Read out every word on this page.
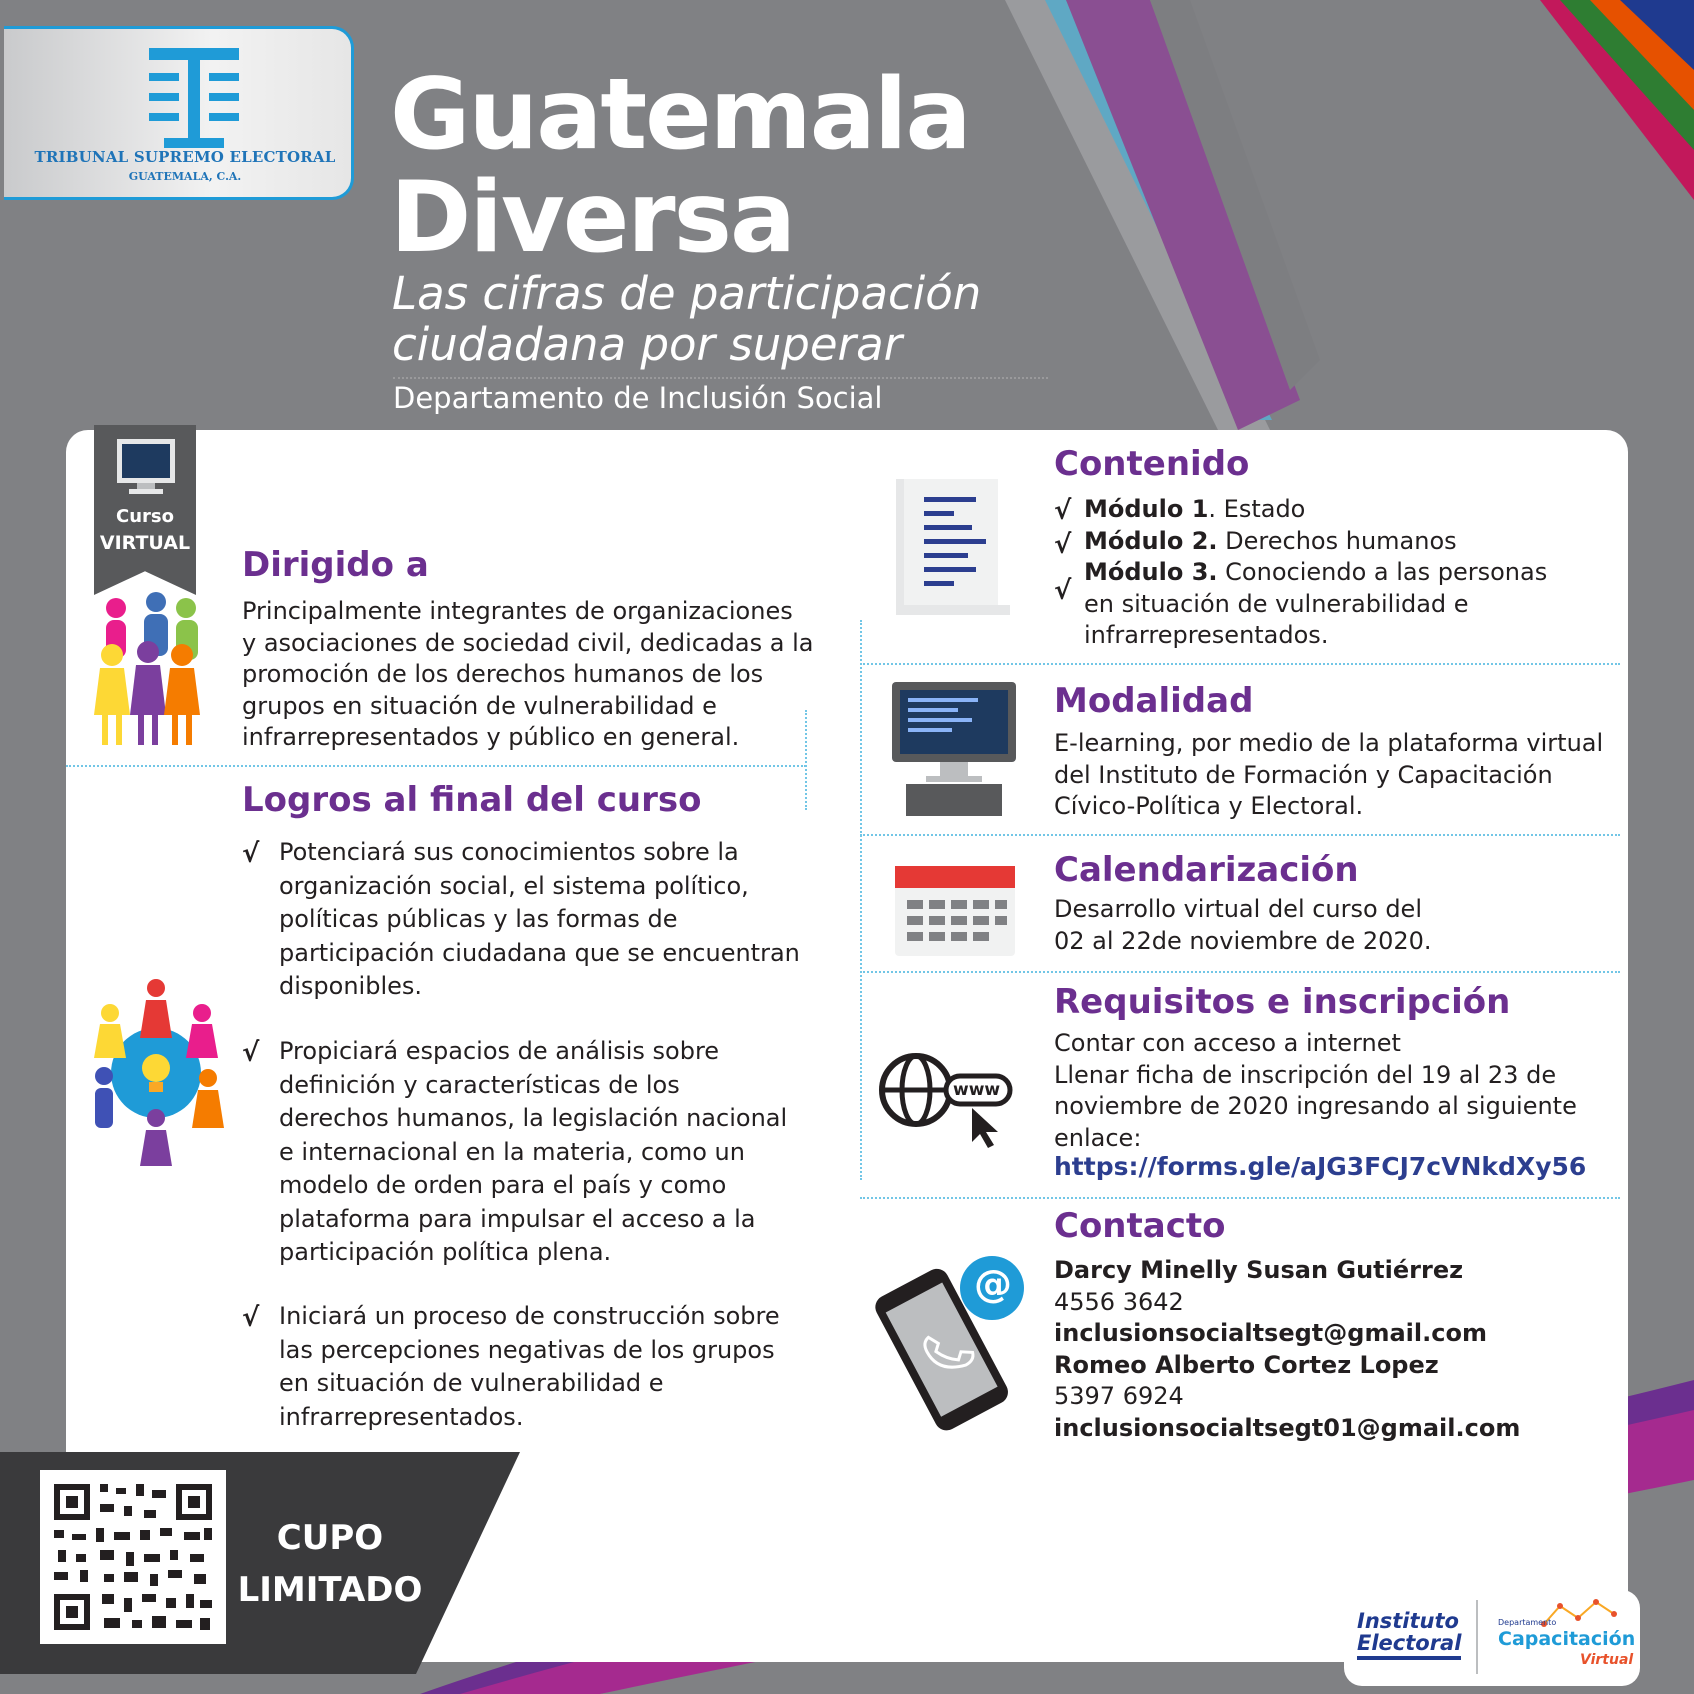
TRIBUNAL SUPREMO ELECTORAL
GUATEMALA, C.A.
Guatemala
Diversa
Las cifras de participación
ciudadana por superar
Departamento de Inclusión Social
Curso
VIRTUAL
Dirigido a
Principalmente integrantes de organizaciones
y asociaciones de sociedad civil, dedicadas a la
promoción de los derechos humanos de los
grupos en situación de vulnerabilidad e
infrarrepresentados y público en general.
Logros al final del curso
√ Potenciará sus conocimientos sobre la
organización social, el sistema político,
políticas públicas y las formas de
participación ciudadana que se encuentran
disponibles.
√ Propiciará espacios de análisis sobre
definición y características de los
derechos humanos, la legislación nacional
e internacional en la materia, como un
modelo de orden para el país y como
plataforma para impulsar el acceso a la
participación política plena.
√ Iniciará un proceso de construcción sobre
las percepciones negativas de los grupos
en situación de vulnerabilidad e
infrarrepresentados.
www
@
Contenido
√
√
√
Módulo 1. Estado
Módulo 2. Derechos humanos
Módulo 3. Conociendo a las personas
en situación de vulnerabilidad e
infrarrepresentados.
Modalidad
E-learning, por medio de la plataforma virtual
del Instituto de Formación y Capacitación
Cívico-Política y Electoral.
Calendarización
Desarrollo virtual del curso del
02 al 22de noviembre de 2020.
Requisitos e inscripción
Contar con acceso a internet
Llenar ficha de inscripción del 19 al 23 de
noviembre de 2020 ingresando al siguiente
enlace:
https://forms.gle/aJG3FCJ7cVNkdXy56
Contacto
Darcy Minelly Susan Gutiérrez
4556 3642
inclusionsocialtsegt@gmail.com
Romeo Alberto Cortez Lopez
5397 6924
inclusionsocialtsegt01@gmail.com
CUPO
LIMITADO
Instituto
Electoral
Departamento
Capacitación
Virtual
